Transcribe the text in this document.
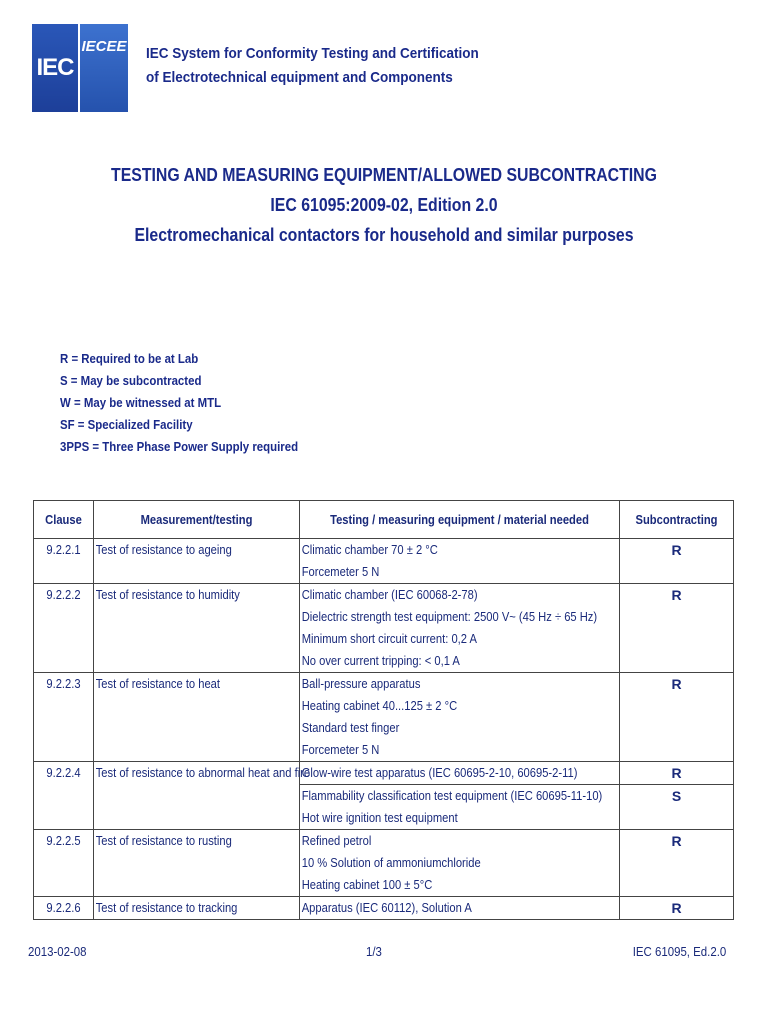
IEC
IECEE IEC System for Conformity Testing and Certification
of Electrotechnical equipment and Components
TESTING AND MEASURING EQUIPMENT/ALLOWED SUBCONTRACTING
IEC 61095:2009-02, Edition 2.0
Electromechanical contactors for household and similar purposes
R = Required to be at Lab
S = May be subcontracted
W = May be witnessed at MTL
SF = Specialized Facility
3PPS = Three Phase Power Supply required
Clause	Measurement/testing	Testing / measuring equipment / material needed	Subcontracting

9.2.2.1	Test of resistance to ageing	Climatic chamber 70 ± 2 °C
Forcemeter 5 N	R

9.2.2.2	Test of resistance to humidity	Climatic chamber (IEC 60068-2-78)
Dielectric strength test equipment: 2500 V~ (45 Hz ÷ 65 Hz)
Minimum short circuit current: 0,2 A
No over current tripping: < 0,1 A	R

9.2.2.3	Test of resistance to heat	Ball-pressure apparatus
Heating cabinet 40...125 ± 2 °C
Standard test finger
Forcemeter 5 N	R

9.2.2.4	Test of resistance to abnormal heat and fire	Glow-wire test apparatus (IEC 60695-2-10, 60695-2-11)	R

		Flammability classification test equipment (IEC 60695-11-10)
Hot wire ignition test equipment	S

9.2.2.5	Test of resistance to rusting	Refined petrol
10 % Solution of ammoniumchloride
Heating cabinet 100 ± 5°C	R

9.2.2.6	Test of resistance to tracking	Apparatus (IEC 60112), Solution A	R
2013-02-08	1/3	IEC 61095, Ed.2.0
